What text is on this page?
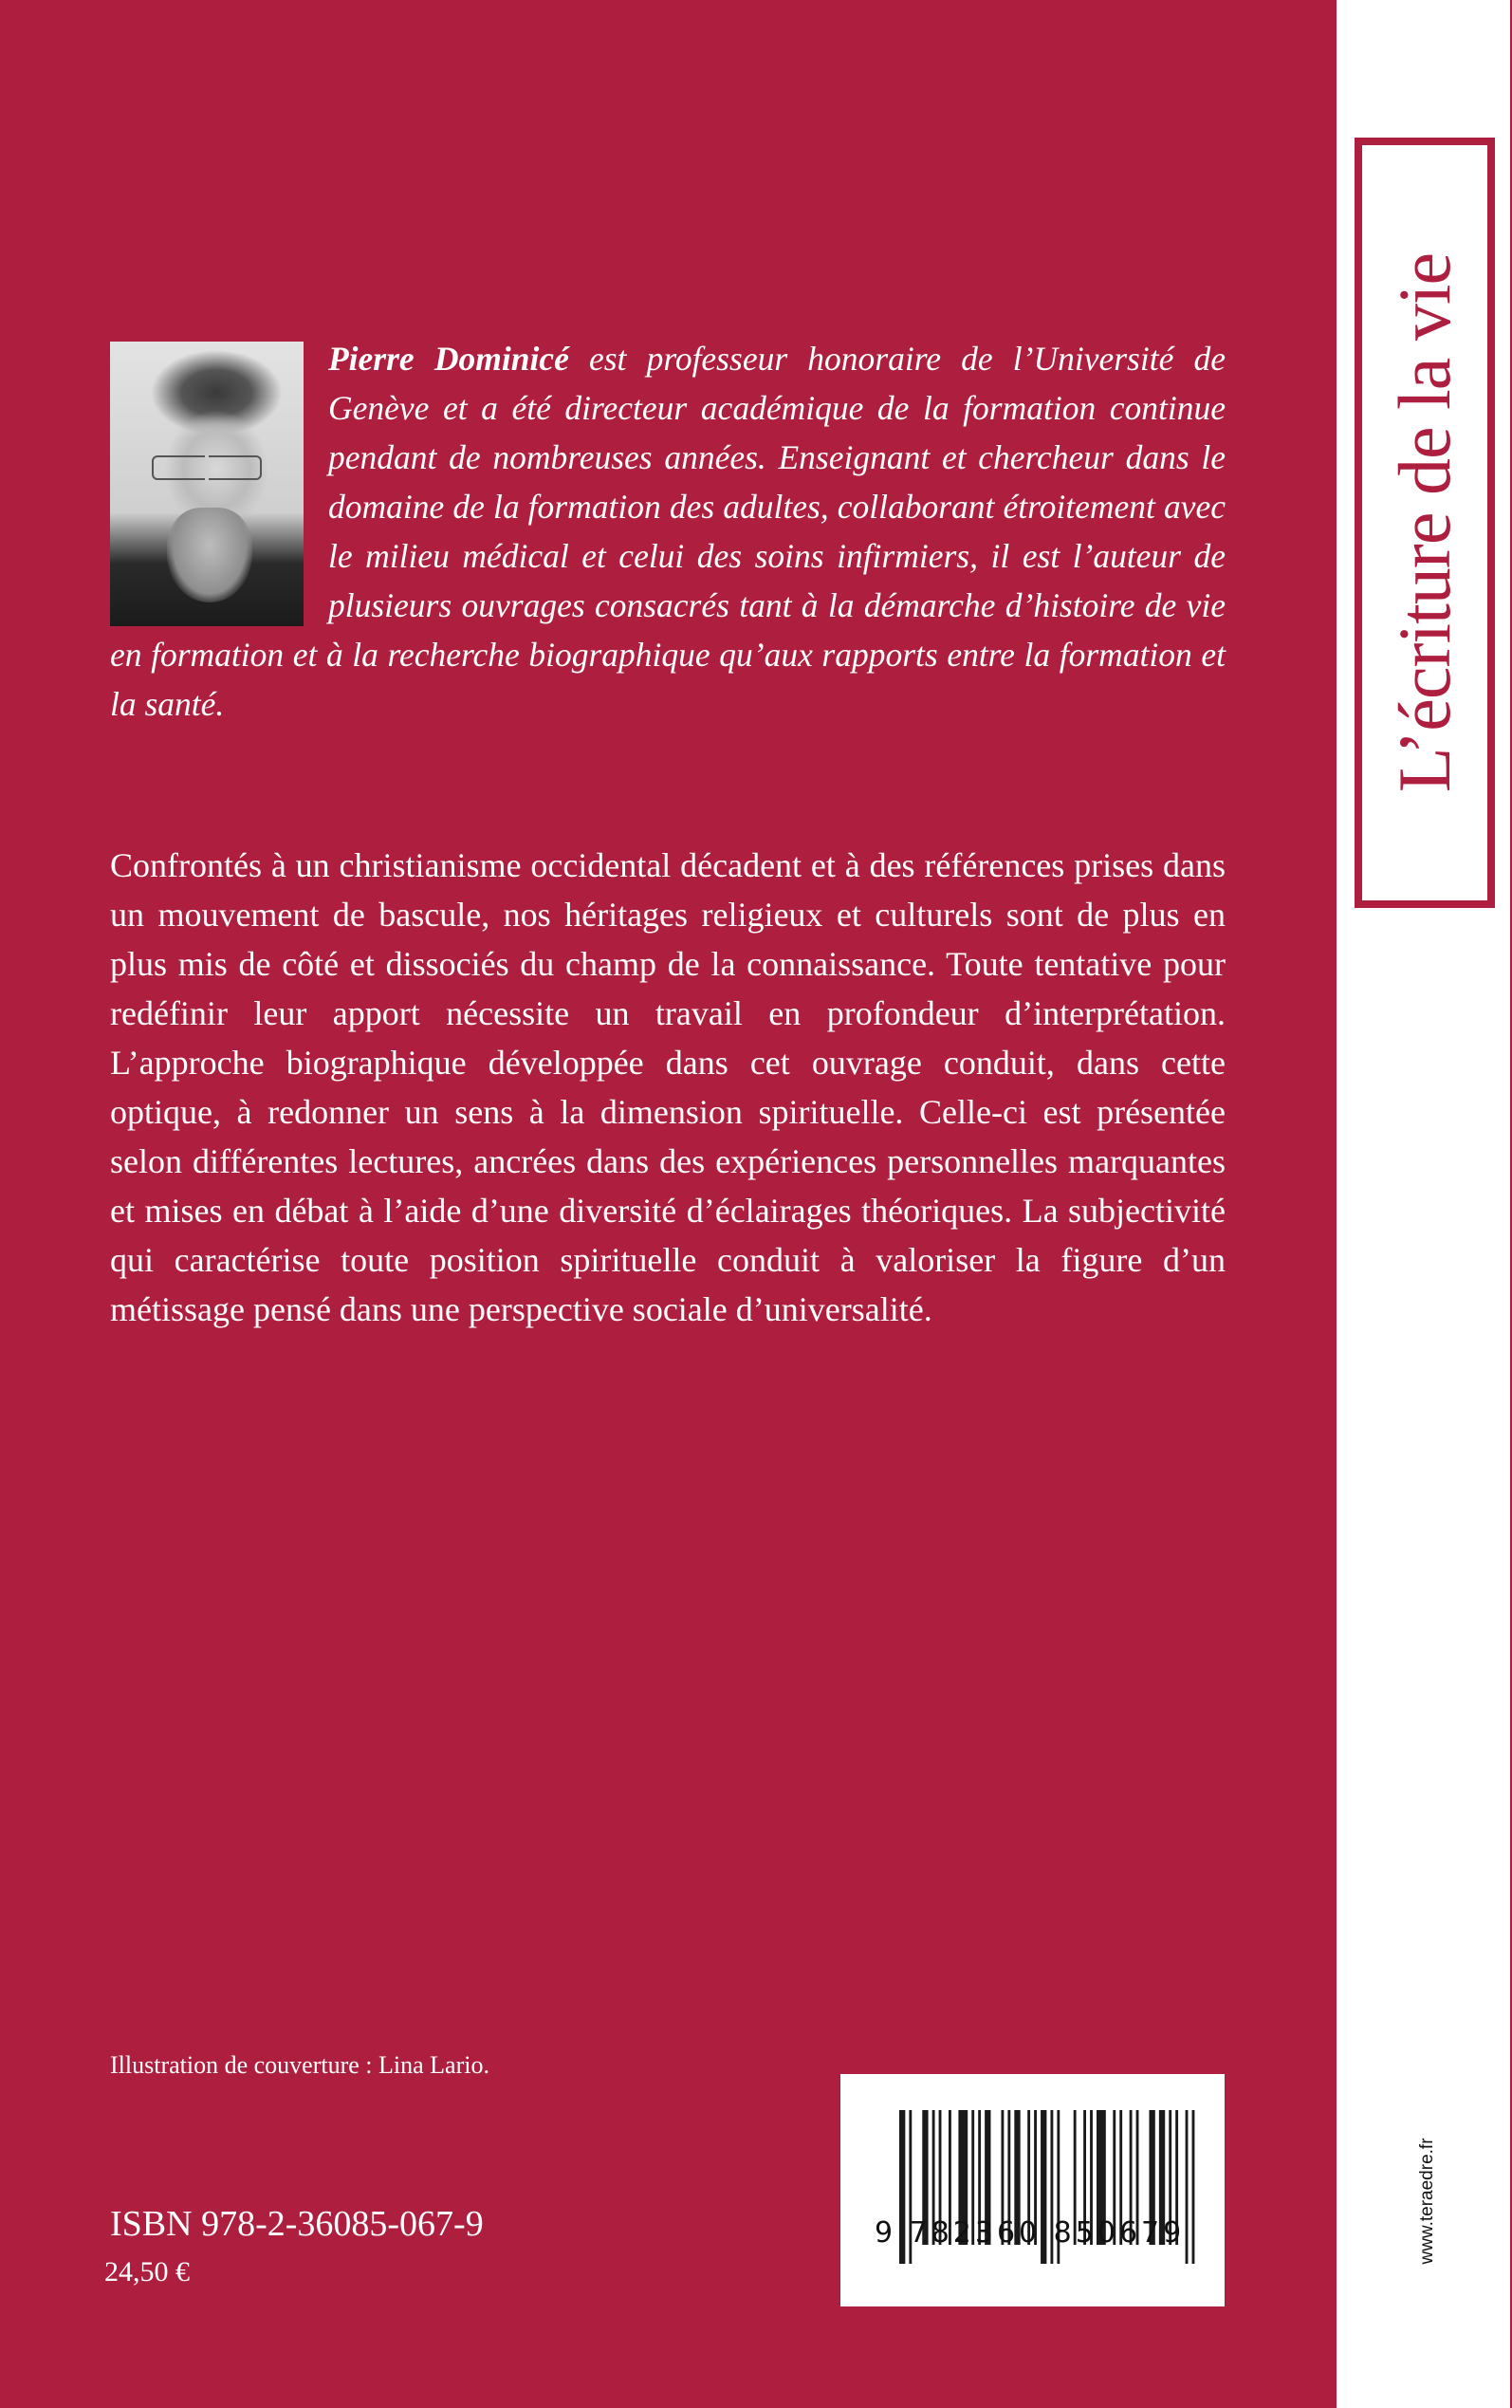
L’écriture de la vie
www.teraedre.fr
Pierre Dominicé est professeur honoraire de l’Université de Genève et a été directeur académique de la formation continue pendant de nombreuses années. Enseignant et chercheur dans le domaine de la formation des adultes, collaborant étroitement avec le milieu médical et celui des soins infirmiers, il est l’auteur de plusieurs ouvrages consacrés tant à la démarche d’histoire de vie en formation et à la recherche biographique qu’aux rapports entre la formation et la santé.
Confrontés à un christianisme occidental décadent et à des références prises dans un mouvement de bascule, nos héritages religieux et culturels sont de plus en plus mis de côté et dissociés du champ de la connaissance. Toute tentative pour redéfinir leur apport nécessite un travail en profondeur d’interprétation. L’approche biographique développée dans cet ouvrage conduit, dans cette optique, à redonner un sens à la dimension spirituelle. Celle-ci est présentée selon différentes lectures, ancrées dans des expériences personnelles marquantes et mises en débat à l’aide d’une diversité d’éclairages théoriques. La subjectivité qui caractérise toute position spirituelle conduit à valoriser la figure d’un métissage pensé dans une perspective sociale d’universalité.
Illustration de couverture : Lina Lario.
ISBN 978-2-36085-067-9
24,50 €
9 782360 850679
